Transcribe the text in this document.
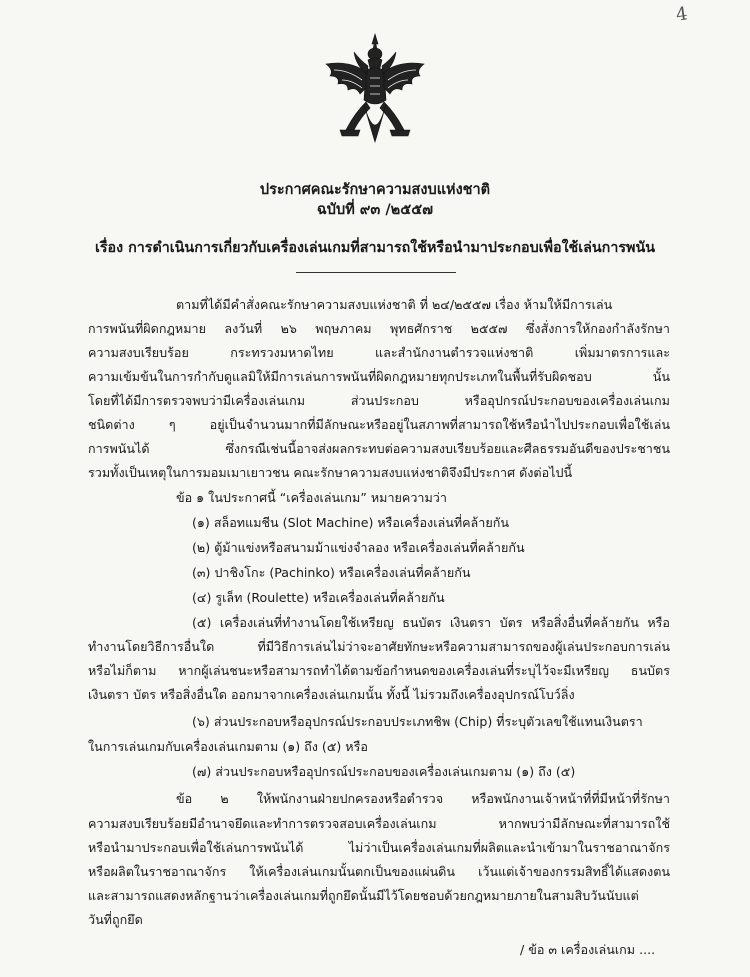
4
ประกาศคณะรักษาความสงบแห่งชาติ
ฉบับที่ ๙๓ /๒๕๕๗
เรื่อง การดำเนินการเกี่ยวกับเครื่องเล่นเกมที่สามารถใช้หรือนำมาประกอบเพื่อใช้เล่นการพนัน
ตามที่ได้มีคำสั่งคณะรักษาความสงบแห่งชาติ ที่ ๒๔/๒๕๕๗ เรื่อง ห้ามให้มีการเล่น
การพนันที่ผิดกฎหมาย ลงวันที่ ๒๖ พฤษภาคม พุทธศักราช ๒๕๕๗ ซึ่งสั่งการให้กองกำลังรักษา
ความสงบเรียบร้อย กระทรวงมหาดไทย และสำนักงานตำรวจแห่งชาติ เพิ่มมาตรการและ
ความเข้มข้นในการกำกับดูแลมิให้มีการเล่นการพนันที่ผิดกฎหมายทุกประเภทในพื้นที่รับผิดชอบ นั้น
โดยที่ได้มีการตรวจพบว่ามีเครื่องเล่นเกม ส่วนประกอบ หรืออุปกรณ์ประกอบของเครื่องเล่นเกม
ชนิดต่าง ๆ อยู่เป็นจำนวนมากที่มีลักษณะหรืออยู่ในสภาพที่สามารถใช้หรือนำไปประกอบเพื่อใช้เล่น
การพนันได้ ซึ่งกรณีเช่นนี้อาจส่งผลกระทบต่อความสงบเรียบร้อยและศีลธรรมอันดีของประชาชน
รวมทั้งเป็นเหตุในการมอมเมาเยาวชน คณะรักษาความสงบแห่งชาติจึงมีประกาศ ดังต่อไปนี้
ข้อ ๑ ในประกาศนี้ “เครื่องเล่นเกม” หมายความว่า
(๑) สล็อทแมชีน (Slot Machine) หรือเครื่องเล่นที่คล้ายกัน
(๒) ตู้ม้าแข่งหรือสนามม้าแข่งจำลอง หรือเครื่องเล่นที่คล้ายกัน
(๓) ปาชิงโกะ (Pachinko) หรือเครื่องเล่นที่คล้ายกัน
(๔) รูเล็ท (Roulette) หรือเครื่องเล่นที่คล้ายกัน
(๕) เครื่องเล่นที่ทำงานโดยใช้เหรียญ ธนบัตร เงินตรา บัตร หรือสิ่งอื่นที่คล้ายกัน หรือ
ทำงานโดยวิธีการอื่นใด ที่มีวิธีการเล่นไม่ว่าจะอาศัยทักษะหรือความสามารถของผู้เล่นประกอบการเล่น
หรือไม่ก็ตาม หากผู้เล่นชนะหรือสามารถทำได้ตามข้อกำหนดของเครื่องเล่นที่ระบุไว้จะมีเหรียญ ธนบัตร
เงินตรา บัตร หรือสิ่งอื่นใด ออกมาจากเครื่องเล่นเกมนั้น ทั้งนี้ ไม่รวมถึงเครื่องอุปกรณ์โบว์ลิ่ง
(๖) ส่วนประกอบหรืออุปกรณ์ประกอบประเภทชิพ (Chip) ที่ระบุตัวเลขใช้แทนเงินตรา
ในการเล่นเกมกับเครื่องเล่นเกมตาม (๑) ถึง (๕) หรือ
(๗) ส่วนประกอบหรืออุปกรณ์ประกอบของเครื่องเล่นเกมตาม (๑) ถึง (๕)
ข้อ ๒ ให้พนักงานฝ่ายปกครองหรือตำรวจ หรือพนักงานเจ้าหน้าที่ที่มีหน้าที่รักษา
ความสงบเรียบร้อยมีอำนาจยึดและทำการตรวจสอบเครื่องเล่นเกม หากพบว่ามีลักษณะที่สามารถใช้
หรือนำมาประกอบเพื่อใช้เล่นการพนันได้ ไม่ว่าเป็นเครื่องเล่นเกมที่ผลิตและนำเข้ามาในราชอาณาจักร
หรือผลิตในราชอาณาจักร ให้เครื่องเล่นเกมนั้นตกเป็นของแผ่นดิน เว้นแต่เจ้าของกรรมสิทธิ์ได้แสดงตน
และสามารถแสดงหลักฐานว่าเครื่องเล่นเกมที่ถูกยึดนั้นมีไว้โดยชอบด้วยกฎหมายภายในสามสิบวันนับแต่
วันที่ถูกยึด
/ ข้อ ๓ เครื่องเล่นเกม ....
